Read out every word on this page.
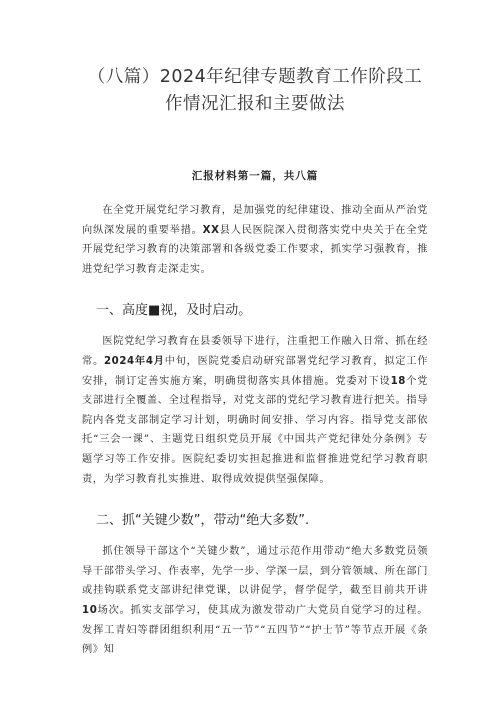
（八篇）2024年纪律专题教育工作阶段工
作情况汇报和主要做法
汇报材料第一篇，共八篇

在全党开展党纪学习教育，是加强党的纪律建设、推动全面从严治党向纵深发展的重要举措。XX县人民医院深入贯彻落实党中央关于在全党开展党纪学习教育的决策部署和各级党委工作要求，抓实学习强教育，推进党纪学习教育走深走实。

一、高度■视，及时启动。

医院党纪学习教育在县委领导下进行，注重把工作融入日常、抓在经常。2024年4月中旬，医院党委启动研究部署党纪学习教育，拟定工作安排，制订定善实施方案，明确贯彻落实具体措施。党委对下设18个党支部进行全覆盖、全过程指导，对党支部的党纪学习教育进行把关。指导院内各党支部制定学习计划，明确时间安排、学习内容。指导党支部依托“三会一课”、主题党日组织党员开展《中国共产党纪律处分条例》专题学习等工作安排。医院纪委切实担起推进和监督推进党纪学习教育职责，为学习教育扎实推进、取得成效提供坚强保障。

二、抓“关键少数”，带动“绝大多数”.

抓住领导干部这个“关键少数”，通过示范作用带动“绝大多数党员领导干部带头学习、作表率，先学一步、学深一层，到分管领域、所在部门或挂钩联系党支部讲纪律党课，以讲促学，督学促学，截至目前共开讲10场次。抓实支部学习，使其成为激发带动广大党员自觉学习的过程。发挥工青妇等群团组织利用“五一节”“五四节”“护士节”等节点开展《条例》知
